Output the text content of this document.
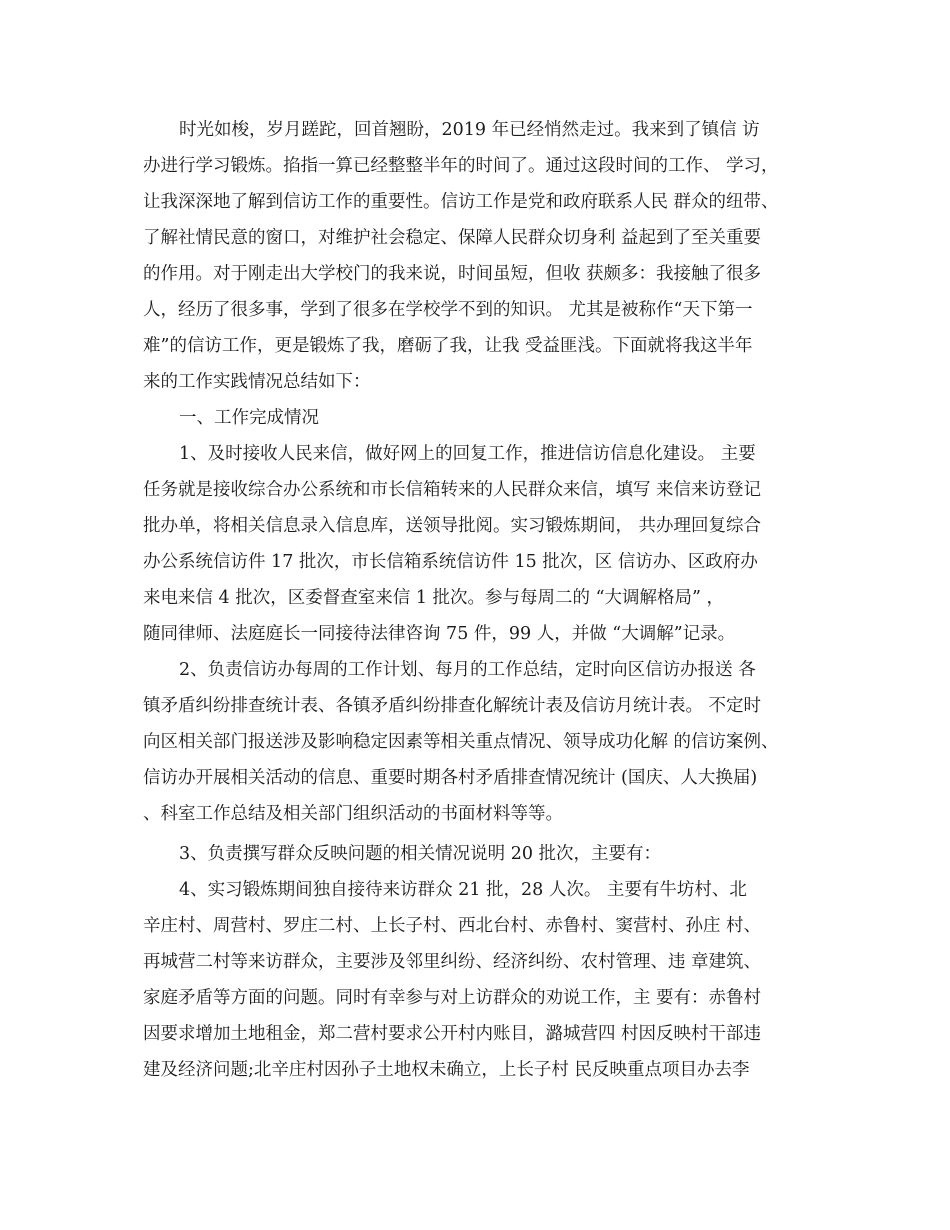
时光如梭，岁月蹉跎，回首翘盼，2019 年已经悄然走过。我来到了镇信 访
办进行学习锻炼。掐指一算已经整整半年的时间了。通过这段时间的工作、 学习，
让我深深地了解到信访工作的重要性。信访工作是党和政府联系人民 群众的纽带、
了解社情民意的窗口，对维护社会稳定、保障人民群众切身利 益起到了至关重要
的作用。对于刚走出大学校门的我来说，时间虽短，但收 获颇多：我接触了很多
人，经历了很多事，学到了很多在学校学不到的知识。 尤其是被称作“天下第一
难”的信访工作，更是锻炼了我，磨砺了我，让我 受益匪浅。下面就将我这半年
来的工作实践情况总结如下：
一、工作完成情况
1、及时接收人民来信，做好网上的回复工作，推进信访信息化建设。 主要
任务就是接收综合办公系统和市长信箱转来的人民群众来信，填写 来信来访登记
批办单，将相关信息录入信息库，送领导批阅。实习锻炼期间， 共办理回复综合
办公系统信访件 17 批次，市长信箱系统信访件 15 批次，区 信访办、区政府办
来电来信 4 批次，区委督查室来信 1 批次。参与每周二的 “大调解格局” ，
随同律师、法庭庭长一同接待法律咨询 75 件，99 人，并做 “大调解”记录。
2、负责信访办每周的工作计划、每月的工作总结，定时向区信访办报送 各
镇矛盾纠纷排查统计表、各镇矛盾纠纷排查化解统计表及信访月统计表。 不定时
向区相关部门报送涉及影响稳定因素等相关重点情况、领导成功化解 的信访案例、
信访办开展相关活动的信息、重要时期各村矛盾排查情况统计 (国庆、人大换届)
、科室工作总结及相关部门组织活动的书面材料等等。
3、负责撰写群众反映问题的相关情况说明 20 批次，主要有：
4、实习锻炼期间独自接待来访群众 21 批，28 人次。 主要有牛坊村、北
辛庄村、周营村、罗庄二村、上长子村、西北台村、赤鲁村、窦营村、孙庄 村、
再城营二村等来访群众，主要涉及邻里纠纷、经济纠纷、农村管理、违 章建筑、
家庭矛盾等方面的问题。同时有幸参与对上访群众的劝说工作，主 要有：赤鲁村
因要求增加土地租金，郑二营村要求公开村内账目，潞城营四 村因反映村干部违
建及经济问题;北辛庄村因孙子土地权未确立，上长子村 民反映重点项目办去李
